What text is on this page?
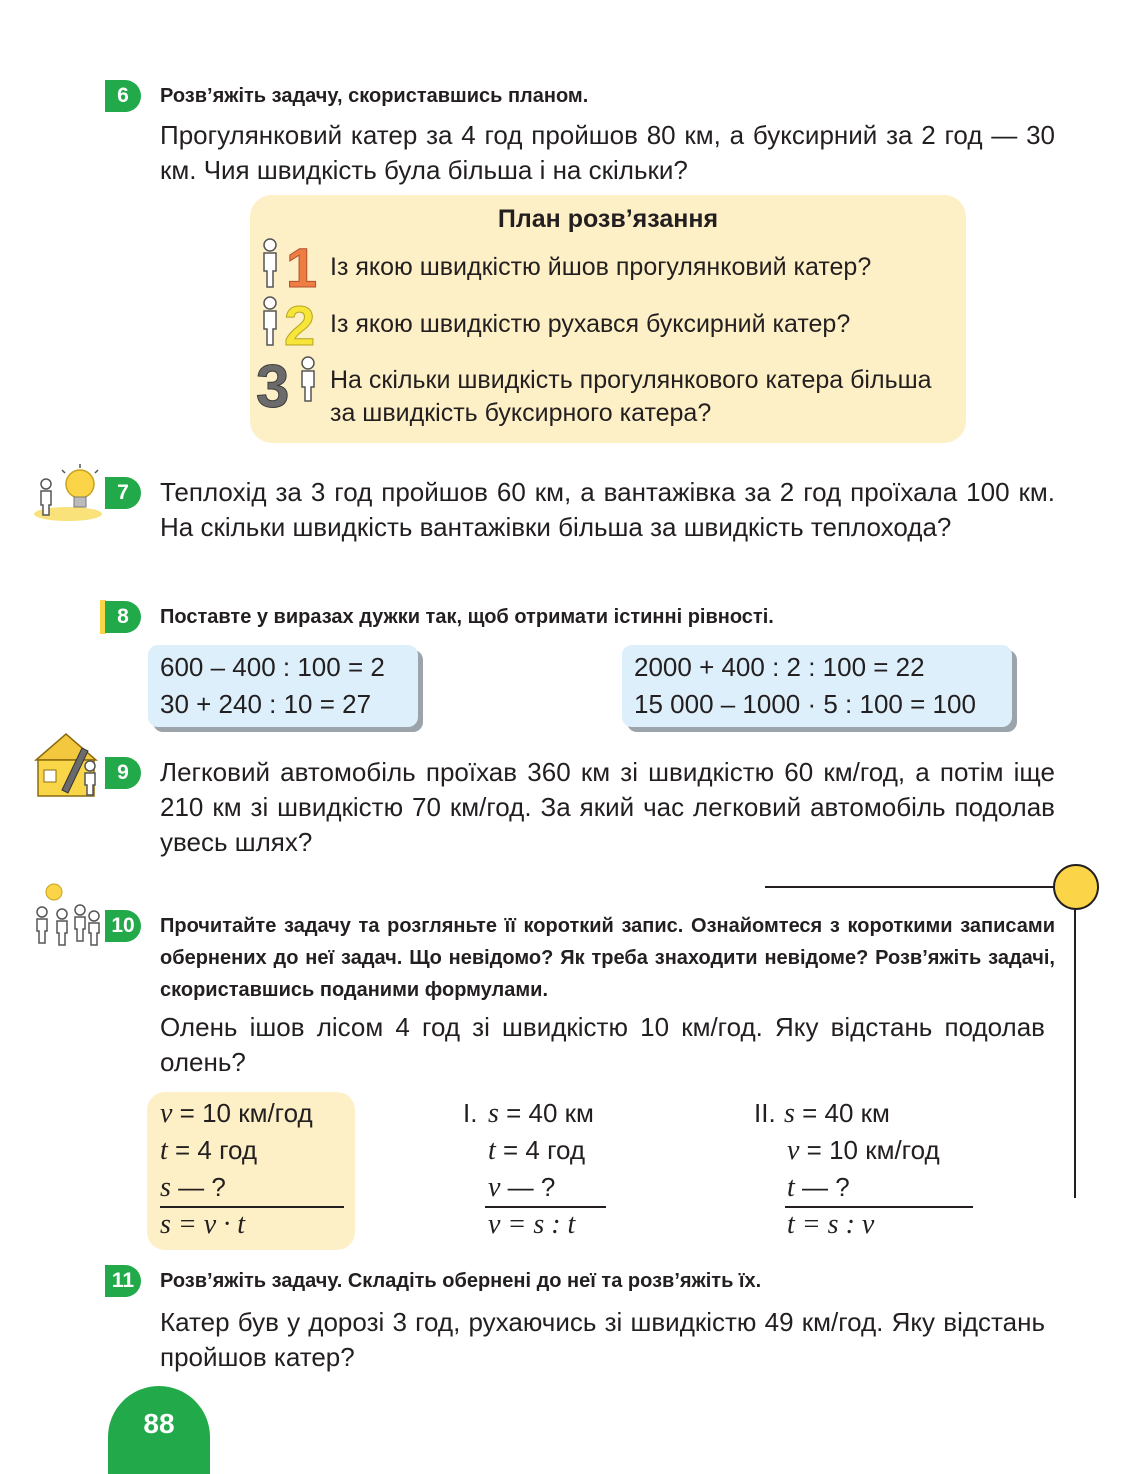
6	Розв’яжіть задачу, скориставшись планом.
Прогулянковий катер за 4 год пройшов 80 км, а буксирний за 2 год — 30 км. Чия швидкість була більша і на скільки?
План розв’язання
1 Із якою швидкістю йшов прогулянковий катер?
2 Із якою швидкістю рухався буксирний катер?
3 На скільки швидкість прогулянкового катера більша за швидкість буксирного катера?
7	Теплохід за 3 год пройшов 60 км, а вантажівка за 2 год проїхала 100 км. На скільки швидкість вантажівки більша за швидкість теплохода?
8	Поставте у виразах дужки так, щоб отримати істинні рівності.
600 – 400 : 100 = 2
30 + 240 : 10 = 27
2000 + 400 : 2 : 100 = 22
15 000 – 1000 · 5 : 100 = 100
9	Легковий автомобіль проїхав 360 км зі швидкістю 60 км/год, а потім іще 210 км зі швидкістю 70 км/год. За який час легковий автомобіль подолав увесь шлях?
10	Прочитайте задачу та розгляньте її короткий запис. Ознайомтеся з короткими записами обернених до неї задач. Що невідомо? Як треба знаходити невідоме? Розв’яжіть задачі, скориставшись поданими формулами.
Олень ішов лісом 4 год зі швидкістю 10 км/год. Яку відстань подолав олень?
v = 10 км/год
t = 4 год
s — ?
s = v · t
I. s = 40 км
t = 4 год
v — ?
v = s : t
II. s = 40 км
v = 10 км/год
t — ?
t = s : v
11	Розв’яжіть задачу. Складіть обернені до неї та розв’яжіть їх.
Катер був у дорозі 3 год, рухаючись зі швидкістю 49 км/год. Яку відстань пройшов катер?
88
